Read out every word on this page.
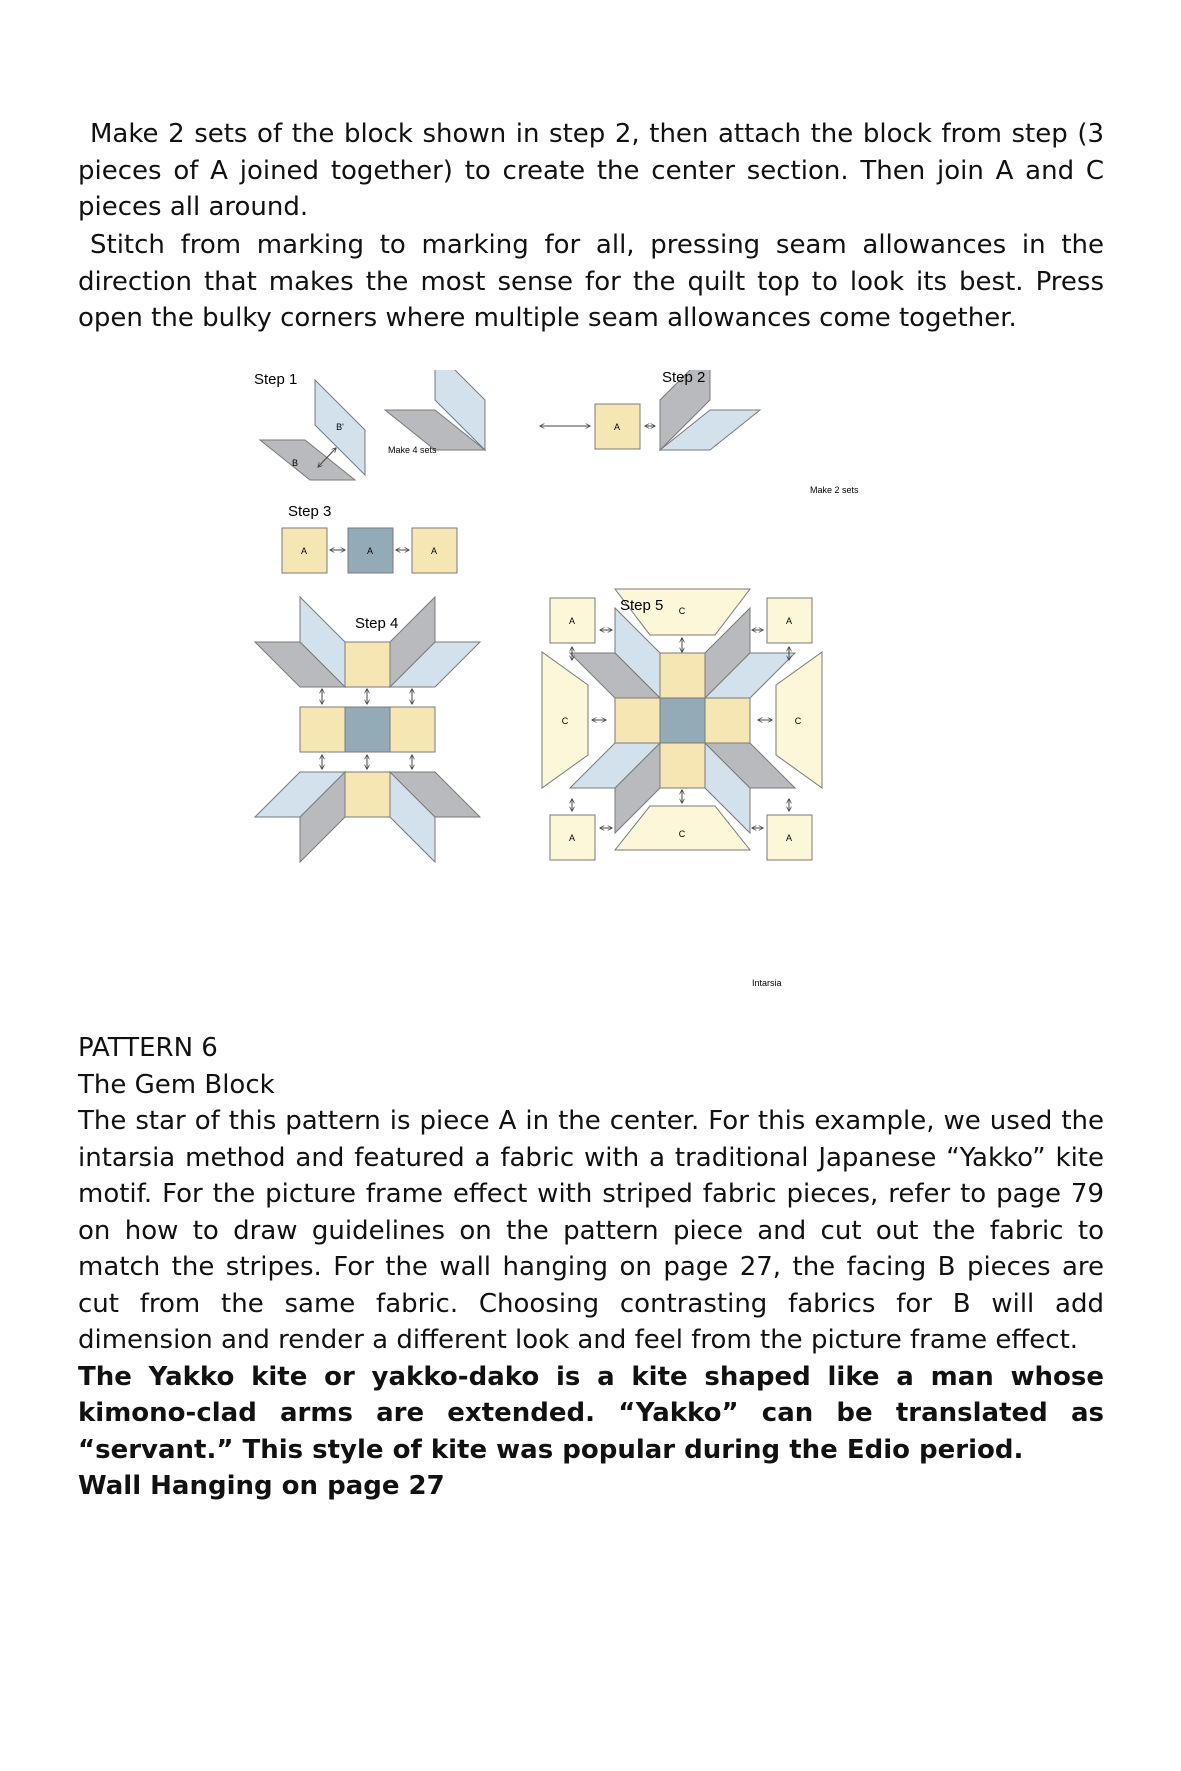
Make 2 sets of the block shown in step 2, then attach the block from step (3 pieces of A joined together) to create the center section. Then join A and C pieces all around.
Stitch from marking to marking for all, pressing seam allowances in the direction that makes the most sense for the quilt top to look its best. Press open the bulky corners where multiple seam allowances come together.
B'
B
A
A	A	A
C
C
C	C
A	A
A	A
Step 1	Step 2
Step 3
Step 4
Step 5
Make 4 sets
Make 2 sets
Intarsia
PATTERN 6
The Gem Block
The star of this pattern is piece A in the center. For this example, we used the intarsia method and featured a fabric with a traditional Japanese “Yakko” kite motif. For the picture frame effect with striped fabric pieces, refer to page 79 on how to draw guidelines on the pattern piece and cut out the fabric to match the stripes. For the wall hanging on page 27, the facing B pieces are cut from the same fabric. Choosing contrasting fabrics for B will add dimension and render a different look and feel from the picture frame effect.
The Yakko kite or yakko-dako is a kite shaped like a man whose kimono-clad arms are extended. “Yakko” can be translated as “servant.” This style of kite was popular during the Edio period.
Wall Hanging on page 27
